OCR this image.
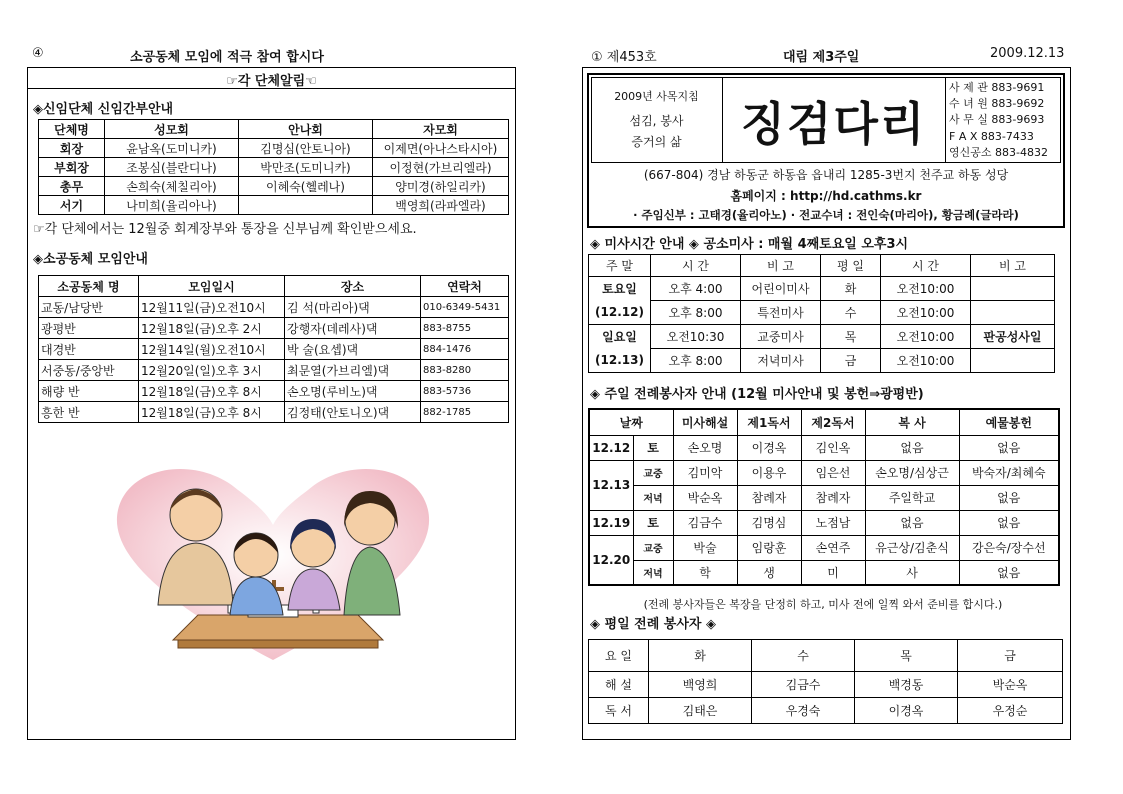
④	소공동체 모임에 적극 참여 합시다
☞각 단체알림☜
◈신임단체 신임간부안내
단체명	성모회	안나회	자모회
회장	윤남옥(도미니카)	김명심(안토니아)	이제면(아나스타시아)
부회장	조봉심(블란디나)	박만조(도미니카)	이정현(가브리엘라)
총무	손희숙(체칠리아)	이혜숙(헬레나)	양미경(하일리카)
서기	나미희(율리아나)		백영희(라파엘라)
☞각 단체에서는 12월중 회계장부와 통장을 신부님께 확인받으세요.
◈소공동체 모임안내
소공동체 명	모임일시	장소	연락처
교동/남당반	12월11일(금)오전10시	김 석(마리아)댁	010-6349-5431
광평반	12월18일(금)오후 2시	강행자(데레사)댁	883-8755
대경반	12월14일(월)오전10시	박 술(요셉)댁	884-1476
서중동/중앙반	12월20일(일)오후 3시	최문열(가브리엘)댁	883-8280
해량 반	12월18일(금)오후 8시	손오명(루비노)댁	883-5736
흥한 반	12월18일(금)오후 8시	김정태(안토니오)댁	882-1785
① 제453호	대림 제3주일	2009.12.13
2009년 사목지침
섬김, 봉사
증거의 삶	징검다리
사 제 관 883-9691
수 녀 원 883-9692
사 무 실 883-9693
F A X 883-7433
영신공소 883-4832
(667-804) 경남 하동군 하동읍 읍내리 1285-3번지 천주교 하동 성당
홈페이지 : http://hd.cathms.kr
· 주임신부 : 고태경(율리아노) · 전교수녀 : 전인숙(마리아), 황금례(글라라)
◈ 미사시간 안내 ◈ 공소미사 : 매월 4째토요일 오후3시
주 말	시 간	비 고	평 일	시 간	비 고
토요일	오후 4:00	어린이미사	화	오전10:00	
(12.12)	오후 8:00	특전미사	수	오전10:00	
일요일	오전10:30	교중미사	목	오전10:00	판공성사일
(12.13)	오후 8:00	저녁미사	금	오전10:00	
◈ 주일 전례봉사자 안내 (12월 미사안내 및 봉헌⇒광평반)
날짜		미사해설	제1독서	제2독서	복 사	예물봉헌
12.12	토	손오명	이경옥	김인옥	없음	없음
12.13	교중	김미악	이용우	임은선	손오명/심상근	박숙자/최혜숙
	저녁	박순옥	참례자	참례자	주일학교	없음
12.19	토	김금수	김명심	노점남	없음	없음
12.20	교중	박술	임랑훈	손연주	유근상/김춘식	강은숙/장수선
	저녁	학	생	미	사	없음
(전례 봉사자들은 복장을 단정히 하고, 미사 전에 일찍 와서 준비를 합시다.)
◈ 평일 전례 봉사자 ◈
요 일	화	수	목	금
해 설	백영희	김금수	백경동	박순옥
독 서	김태은	우경숙	이경옥	우정순
